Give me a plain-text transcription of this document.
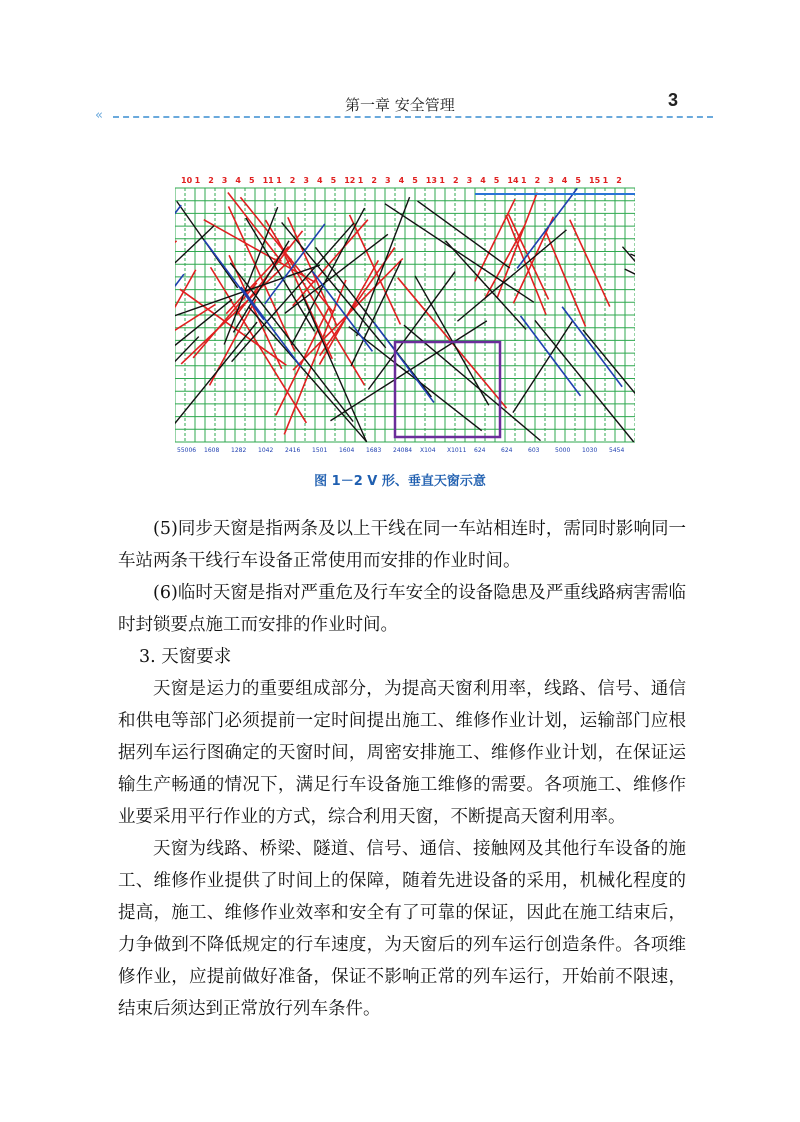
«
第一章 安全管理	3
10 1 2 3 4 5 11 1 2 3 4 5 12 1 2 3 4 5 13 1 2 3 4 5 14 1 2 3 4 5 15 1 2
55006 1608 1282 1042 2416 1501 1604 1683 24084 X104 X1011 624	624	603	5000 1030 5454
图 1－2 V 形、垂直天窗示意

(5)同步天窗是指两条及以上干线在同一车站相连时，需同时影响同一车站两条干线行车设备正常使用而安排的作业时间。

(6)临时天窗是指对严重危及行车安全的设备隐患及严重线路病害需临时封锁要点施工而安排的作业时间。

3. 天窗要求

天窗是运力的重要组成部分，为提高天窗利用率，线路、信号、通信和供电等部门必须提前一定时间提出施工、维修作业计划，运输部门应根据列车运行图确定的天窗时间，周密安排施工、维修作业计划，在保证运输生产畅通的情况下，满足行车设备施工维修的需要。各项施工、维修作业要采用平行作业的方式，综合利用天窗，不断提高天窗利用率。

天窗为线路、桥梁、隧道、信号、通信、接触网及其他行车设备的施工、维修作业提供了时间上的保障，随着先进设备的采用，机械化程度的提高，施工、维修作业效率和安全有了可靠的保证，因此在施工结束后，力争做到不降低规定的行车速度，为天窗后的列车运行创造条件。各项维修作业，应提前做好准备，保证不影响正常的列车运行，开始前不限速，结束后须达到正常放行列车条件。
